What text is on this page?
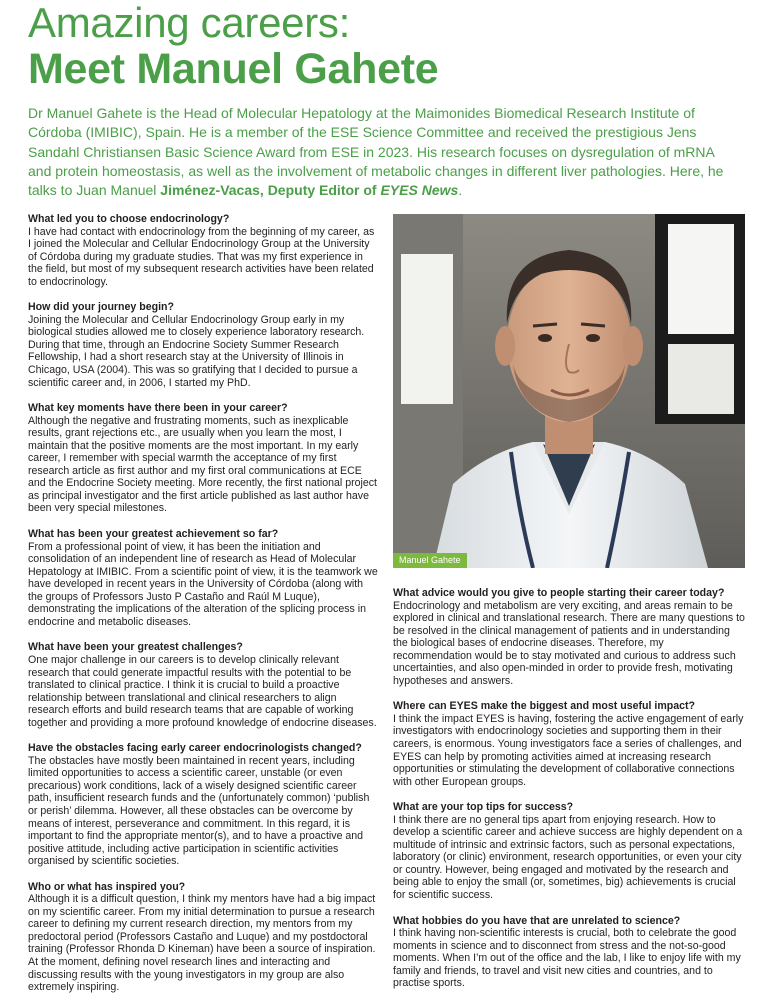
Amazing careers:
Meet Manuel Gahete

Dr Manuel Gahete is the Head of Molecular Hepatology at the Maimonides Biomedical Research Institute of Córdoba (IMIBIC), Spain. He is a member of the ESE Science Committee and received the prestigious Jens Sandahl Christiansen Basic Science Award from ESE in 2023. His research focuses on dysregulation of mRNA and protein homeostasis, as well as the involvement of metabolic changes in different liver pathologies. Here, he talks to Juan Manuel Jiménez-Vacas, Deputy Editor of EYES News.

What led you to choose endocrinology?

I have had contact with endocrinology from the beginning of my career, as I joined the Molecular and Cellular Endocrinology Group at the University of Córdoba during my graduate studies. That was my first experience in the field, but most of my subsequent research activities have been related to endocrinology.

How did your journey begin?

Joining the Molecular and Cellular Endocrinology Group early in my biological studies allowed me to closely experience laboratory research. During that time, through an Endocrine Society Summer Research Fellowship, I had a short research stay at the University of Illinois in Chicago, USA (2004). This was so gratifying that I decided to pursue a scientific career and, in 2006, I started my PhD.

What key moments have there been in your career?

Although the negative and frustrating moments, such as inexplicable results, grant rejections etc., are usually when you learn the most, I maintain that the positive moments are the most important. In my early career, I remember with special warmth the acceptance of my first research article as first author and my first oral communications at ECE and the Endocrine Society meeting. More recently, the first national project as principal investigator and the first article published as last author have been very special milestones.

What has been your greatest achievement so far?

From a professional point of view, it has been the initiation and consolidation of an independent line of research as Head of Molecular Hepatology at IMIBIC. From a scientific point of view, it is the teamwork we have developed in recent years in the University of Córdoba (along with the groups of Professors Justo P Castaño and Raúl M Luque), demonstrating the implications of the alteration of the splicing process in endocrine and metabolic diseases.

What have been your greatest challenges?

One major challenge in our careers is to develop clinically relevant research that could generate impactful results with the potential to be translated to clinical practice. I think it is crucial to build a proactive relationship between translational and clinical researchers to align research efforts and build research teams that are capable of working together and providing a more profound knowledge of endocrine diseases.

Have the obstacles facing early career endocrinologists changed?

The obstacles have mostly been maintained in recent years, including limited opportunities to access a scientific career, unstable (or even precarious) work conditions, lack of a wisely designed scientific career path, insufficient research funds and the (unfortunately common) ‘publish or perish’ dilemma. However, all these obstacles can be overcome by means of interest, perseverance and commitment. In this regard, it is important to find the appropriate mentor(s), and to have a proactive and positive attitude, including active participation in scientific activities organised by scientific societies.

Who or what has inspired you?

Although it is a difficult question, I think my mentors have had a big impact on my scientific career. From my initial determination to pursue a research career to defining my current research direction, my mentors from my predoctoral period (Professors Castaño and Luque) and my postdoctoral training (Professor Rhonda D Kineman) have been a source of inspiration. At the moment, defining novel research lines and interacting and discussing results with the young investigators in my group are also extremely inspiring.

Manuel Gahete

What advice would you give to people starting their career today?

Endocrinology and metabolism are very exciting, and areas remain to be explored in clinical and translational research. There are many questions to be resolved in the clinical management of patients and in understanding the biological bases of endocrine diseases. Therefore, my recommendation would be to stay motivated and curious to address such uncertainties, and also open-minded in order to provide fresh, motivating hypotheses and answers.

Where can EYES make the biggest and most useful impact?

I think the impact EYES is having, fostering the active engagement of early investigators with endocrinology societies and supporting them in their careers, is enormous. Young investigators face a series of challenges, and EYES can help by promoting activities aimed at increasing research opportunities or stimulating the development of collaborative connections with other European groups.

What are your top tips for success?

I think there are no general tips apart from enjoying research. How to develop a scientific career and achieve success are highly dependent on a multitude of intrinsic and extrinsic factors, such as personal expectations, laboratory (or clinic) environment, research opportunities, or even your city or country. However, being engaged and motivated by the research and being able to enjoy the small (or, sometimes, big) achievements is crucial for scientific success.

What hobbies do you have that are unrelated to science?

I think having non-scientific interests is crucial, both to celebrate the good moments in science and to disconnect from stress and the not-so-good moments. When I’m out of the office and the lab, I like to enjoy life with my family and friends, to travel and visit new cities and countries, and to practise sports.
